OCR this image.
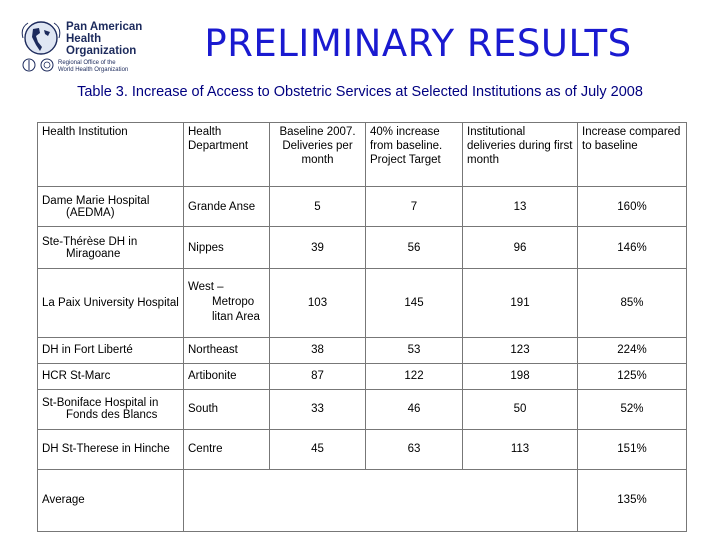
Pan American
Health
Organization
Regional Office of the
World Health Organization
PRELIMINARY RESULTS
Table 3. Increase of Access to Obstetric Services at Selected Institutions as of July 2008
Health Institution	Health Department	Baseline 2007. Deliveries per month	40% increase from baseline. Project Target	Institutional deliveries during first month	Increase compared to baseline
Dame Marie Hospital (AEDMA)	Grande Anse	5	7	13	160%
Ste-Thérèse DH in Miragoane	Nippes	39	56	96	146%
La Paix University Hospital	West – Metropo litan Area	103	145	191	85%
DH in Fort Liberté	Northeast	38	53	123	224%
HCR St-Marc	Artibonite	87	122	198	125%
St-Boniface Hospital in Fonds des Blancs	South	33	46	50	52%
DH St-Therese in Hinche	Centre	45	63	113	151%
Average					135%
